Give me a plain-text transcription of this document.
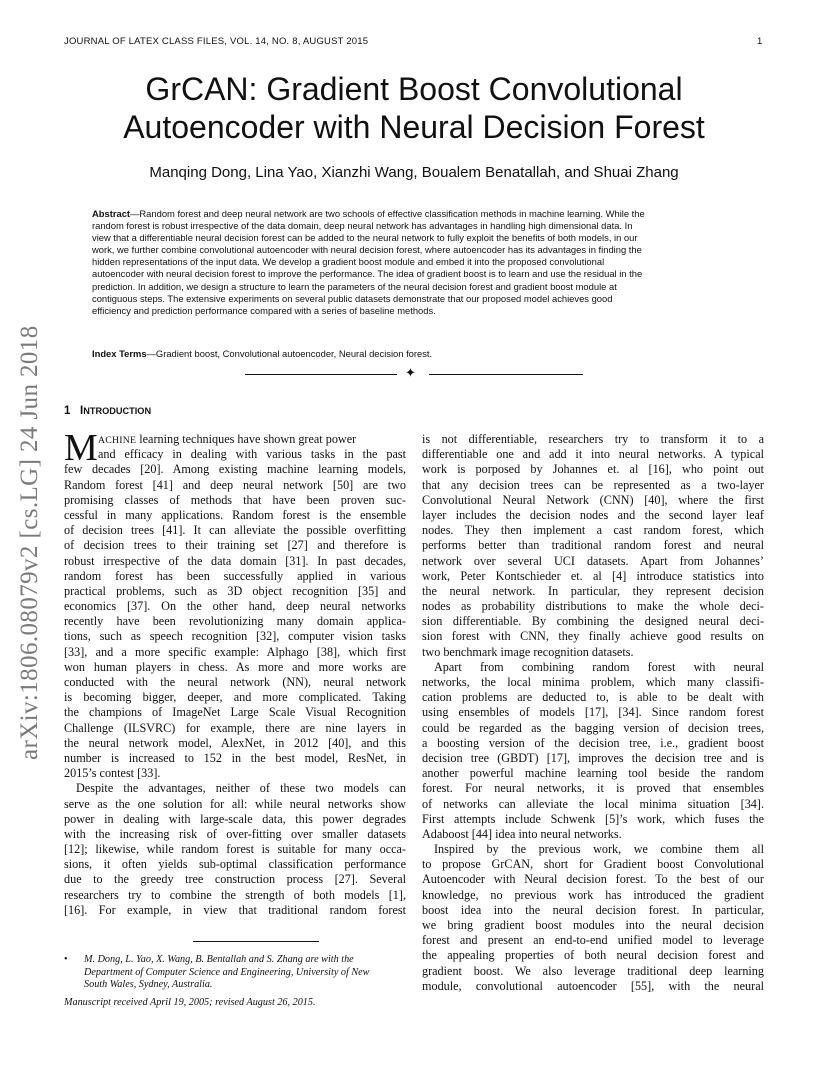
JOURNAL OF LATEX CLASS FILES, VOL. 14, NO. 8, AUGUST 2015	1
GrCAN: Gradient Boost Convolutional
Autoencoder with Neural Decision Forest
Manqing Dong, Lina Yao, Xianzhi Wang, Boualem Benatallah, and Shuai Zhang
Abstract—Random forest and deep neural network are two schools of effective classification methods in machine learning. While the
random forest is robust irrespective of the data domain, deep neural network has advantages in handling high dimensional data. In
view that a differentiable neural decision forest can be added to the neural network to fully exploit the benefits of both models, in our
work, we further combine convolutional autoencoder with neural decision forest, where autoencoder has its advantages in finding the
hidden representations of the input data. We develop a gradient boost module and embed it into the proposed convolutional
autoencoder with neural decision forest to improve the performance. The idea of gradient boost is to learn and use the residual in the
prediction. In addition, we design a structure to learn the parameters of the neural decision forest and gradient boost module at
contiguous steps. The extensive experiments on several public datasets demonstrate that our proposed model achieves good
efficiency and prediction performance compared with a series of baseline methods.
Index Terms—Gradient boost, Convolutional autoencoder, Neural decision forest.
✦
1 INTRODUCTION
M ACHINE learning techniques have shown great power
and efficacy in dealing with various tasks in the past
few decades [20]. Among existing machine learning models,
Random forest [41] and deep neural network [50] are two
promising classes of methods that have been proven suc-
cessful in many applications. Random forest is the ensemble
of decision trees [41]. It can alleviate the possible overfitting
of decision trees to their training set [27] and therefore is
robust irrespective of the data domain [31]. In past decades,
random forest has been successfully applied in various
practical problems, such as 3D object recognition [35] and
economics [37]. On the other hand, deep neural networks
recently have been revolutionizing many domain applica-
tions, such as speech recognition [32], computer vision tasks
[33], and a more specific example: Alphago [38], which first
won human players in chess. As more and more works are
conducted with the neural network (NN), neural network
is becoming bigger, deeper, and more complicated. Taking
the champions of ImageNet Large Scale Visual Recognition
Challenge (ILSVRC) for example, there are nine layers in
the neural network model, AlexNet, in 2012 [40], and this
number is increased to 152 in the best model, ResNet, in
2015’s contest [33].
Despite the advantages, neither of these two models can
serve as the one solution for all: while neural networks show
power in dealing with large-scale data, this power degrades
with the increasing risk of over-fitting over smaller datasets
[12]; likewise, while random forest is suitable for many occa-
sions, it often yields sub-optimal classification performance
due to the greedy tree construction process [27]. Several
researchers try to combine the strength of both models [1],
[16]. For example, in view that traditional random forest
• M. Dong, L. Yao, X. Wang, B. Bentallah and S. Zhang are with the
Department of Computer Science and Engineering, University of New
South Wales, Sydney, Australia.
Manuscript received April 19, 2005; revised August 26, 2015.
is not differentiable, researchers try to transform it to a
differentiable one and add it into neural networks. A typical
work is porposed by Johannes et. al [16], who point out
that any decision trees can be represented as a two-layer
Convolutional Neural Network (CNN) [40], where the first
layer includes the decision nodes and the second layer leaf
nodes. They then implement a cast random forest, which
performs better than traditional random forest and neural
network over several UCI datasets. Apart from Johannes’
work, Peter Kontschieder et. al [4] introduce statistics into
the neural network. In particular, they represent decision
nodes as probability distributions to make the whole deci-
sion differentiable. By combining the designed neural deci-
sion forest with CNN, they finally achieve good results on
two benchmark image recognition datasets.
Apart from combining random forest with neural
networks, the local minima problem, which many classifi-
cation problems are deducted to, is able to be dealt with
using ensembles of models [17], [34]. Since random forest
could be regarded as the bagging version of decision trees,
a boosting version of the decision tree, i.e., gradient boost
decision tree (GBDT) [17], improves the decision tree and is
another powerful machine learning tool beside the random
forest. For neural networks, it is proved that ensembles
of networks can alleviate the local minima situation [34].
First attempts include Schwenk [5]’s work, which fuses the
Adaboost [44] idea into neural networks.
Inspired by the previous work, we combine them all
to propose GrCAN, short for Gradient boost Convolutional
Autoencoder with Neural decision forest. To the best of our
knowledge, no previous work has introduced the gradient
boost idea into the neural decision forest. In particular,
we bring gradient boost modules into the neural decision
forest and present an end-to-end unified model to leverage
the appealing properties of both neural decision forest and
gradient boost. We also leverage traditional deep learning
module, convolutional autoencoder [55], with the neural
arXiv:1806.08079v2 [cs.LG] 24 Jun 2018
